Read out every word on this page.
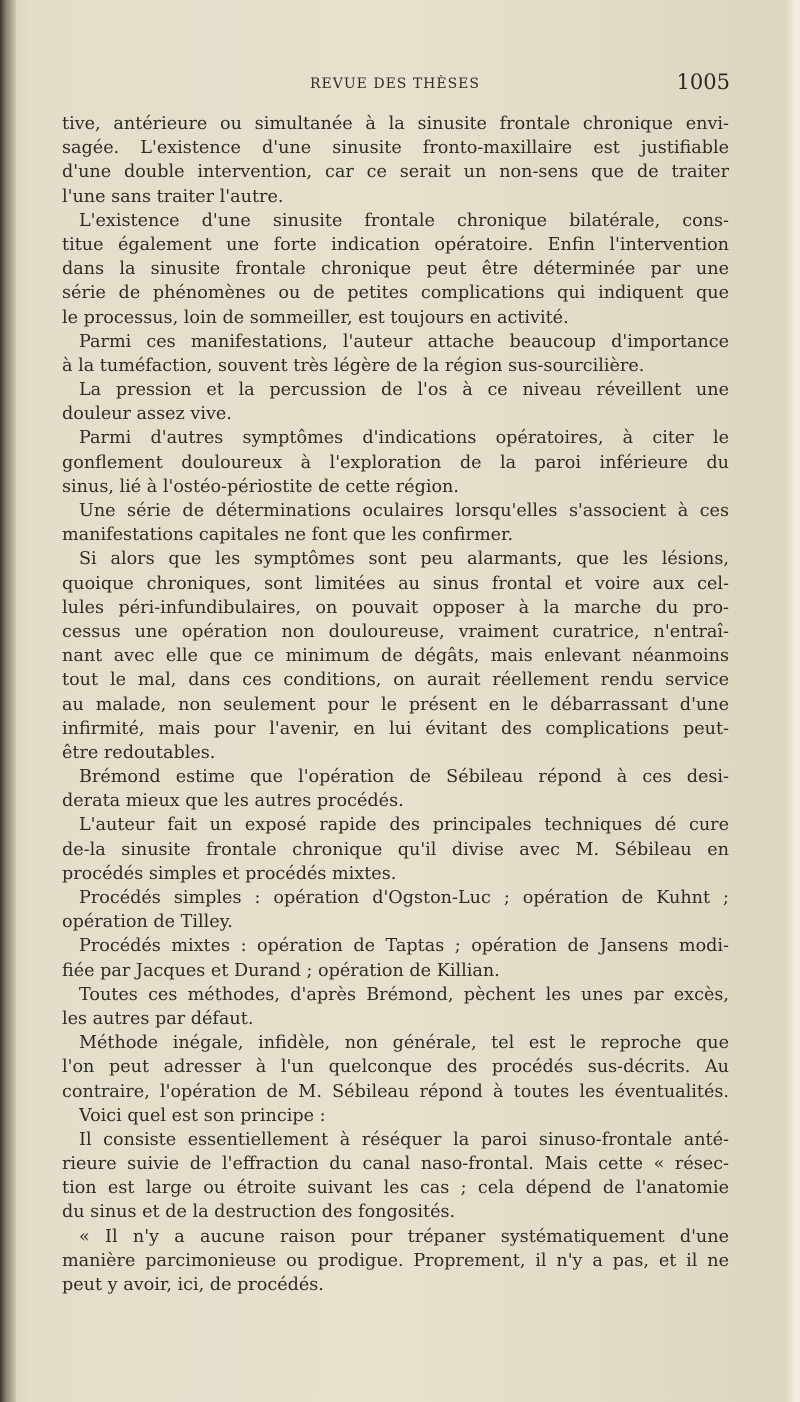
REVUE DES THÈSES	1005
tive, antérieure ou simultanée à la sinusite frontale chronique envi-
sagée. L'existence d'une sinusite fronto-maxillaire est justifiable
d'une double intervention, car ce serait un non-sens que de traiter
l'une sans traiter l'autre.
L'existence d'une sinusite frontale chronique bilatérale, cons-
titue également une forte indication opératoire. Enfin l'intervention
dans la sinusite frontale chronique peut être déterminée par une
série de phénomènes ou de petites complications qui indiquent que
le processus, loin de sommeiller, est toujours en activité.
Parmi ces manifestations, l'auteur attache beaucoup d'importance
à la tuméfaction, souvent très légère de la région sus-sourcilière.
La pression et la percussion de l'os à ce niveau réveillent une
douleur assez vive.
Parmi d'autres symptômes d'indications opératoires, à citer le
gonflement douloureux à l'exploration de la paroi inférieure du
sinus, lié à l'ostéo-périostite de cette région.
Une série de déterminations oculaires lorsqu'elles s'associent à ces
manifestations capitales ne font que les confirmer.
Si alors que les symptômes sont peu alarmants, que les lésions,
quoique chroniques, sont limitées au sinus frontal et voire aux cel-
lules péri-infundibulaires, on pouvait opposer à la marche du pro-
cessus une opération non douloureuse, vraiment curatrice, n'entraî-
nant avec elle que ce minimum de dégâts, mais enlevant néanmoins
tout le mal, dans ces conditions, on aurait réellement rendu service
au malade, non seulement pour le présent en le débarrassant d'une
infirmité, mais pour l'avenir, en lui évitant des complications peut-
être redoutables.
Brémond estime que l'opération de Sébileau répond à ces desi-
derata mieux que les autres procédés.
L'auteur fait un exposé rapide des principales techniques dé cure
de-la sinusite frontale chronique qu'il divise avec M. Sébileau en
procédés simples et procédés mixtes.
Procédés simples : opération d'Ogston-Luc ; opération de Kuhnt ;
opération de Tilley.
Procédés mixtes : opération de Taptas ; opération de Jansens modi-
fiée par Jacques et Durand ; opération de Killian.
Toutes ces méthodes, d'après Brémond, pèchent les unes par excès,
les autres par défaut.
Méthode inégale, infidèle, non générale, tel est le reproche que
l'on peut adresser à l'un quelconque des procédés sus-décrits. Au
contraire, l'opération de M. Sébileau répond à toutes les éventualités.
Voici quel est son principe :
Il consiste essentiellement à réséquer la paroi sinuso-frontale anté-
rieure suivie de l'effraction du canal naso-frontal. Mais cette « résec-
tion est large ou étroite suivant les cas ; cela dépend de l'anatomie
du sinus et de la destruction des fongosités.
« Il n'y a aucune raison pour trépaner systématiquement d'une
manière parcimonieuse ou prodigue. Proprement, il n'y a pas, et il ne
peut y avoir, ici, de procédés.
